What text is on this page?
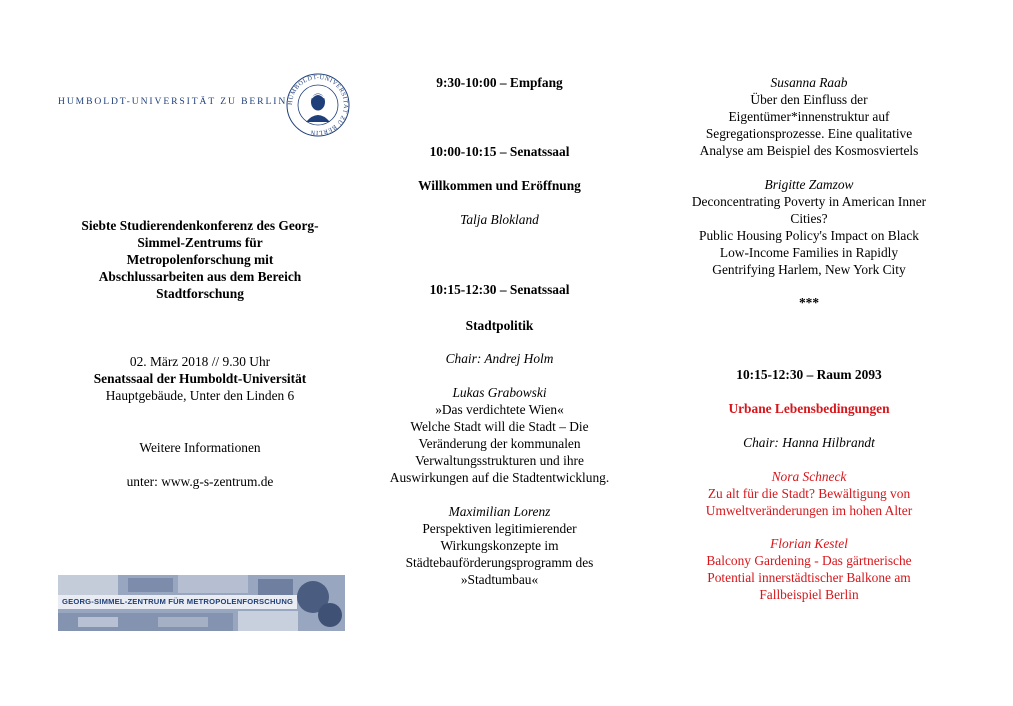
HUMBOLDT-UNIVERSITÄT ZU BERLIN HUMBOLDT-UNIVERSITÄT ZU BERLIN
Siebte Studierendenkonferenz des Georg-
Simmel-Zentrums für
Metropolenforschung mit
Abschlussarbeiten aus dem Bereich
Stadtforschung
02. März 2018 // 9.30 Uhr
Senatssaal der Humboldt-Universität
Hauptgebäude, Unter den Linden 6
Weitere Informationen
unter: www.g-s-zentrum.de
GEORG-SIMMEL-ZENTRUM FÜR METROPOLENFORSCHUNG
9:30-10:00 – Empfang
10:00-10:15 – Senatssaal
Willkommen und Eröffnung
Talja Blokland
10:15-12:30 – Senatssaal
Stadtpolitik
Chair: Andrej Holm
Lukas Grabowski
»Das verdichtete Wien«
Welche Stadt will die Stadt – Die
Veränderung der kommunalen
Verwaltungsstrukturen und ihre
Auswirkungen auf die Stadtentwicklung.
Maximilian Lorenz
Perspektiven legitimierender
Wirkungskonzepte im
Städtebauförderungsprogramm des
»Stadtumbau«
Susanna Raab
Über den Einfluss der
Eigentümer*innenstruktur auf
Segregationsprozesse. Eine qualitative
Analyse am Beispiel des Kosmosviertels
Brigitte Zamzow
Deconcentrating Poverty in American Inner
Cities?
Public Housing Policy's Impact on Black
Low-Income Families in Rapidly
Gentrifying Harlem, New York City
***
10:15-12:30 – Raum 2093
Urbane Lebensbedingungen
Chair: Hanna Hilbrandt
Nora Schneck
Zu alt für die Stadt? Bewältigung von
Umweltveränderungen im hohen Alter
Florian Kestel
Balcony Gardening - Das gärtnerische
Potential innerstädtischer Balkone am
Fallbeispiel Berlin
